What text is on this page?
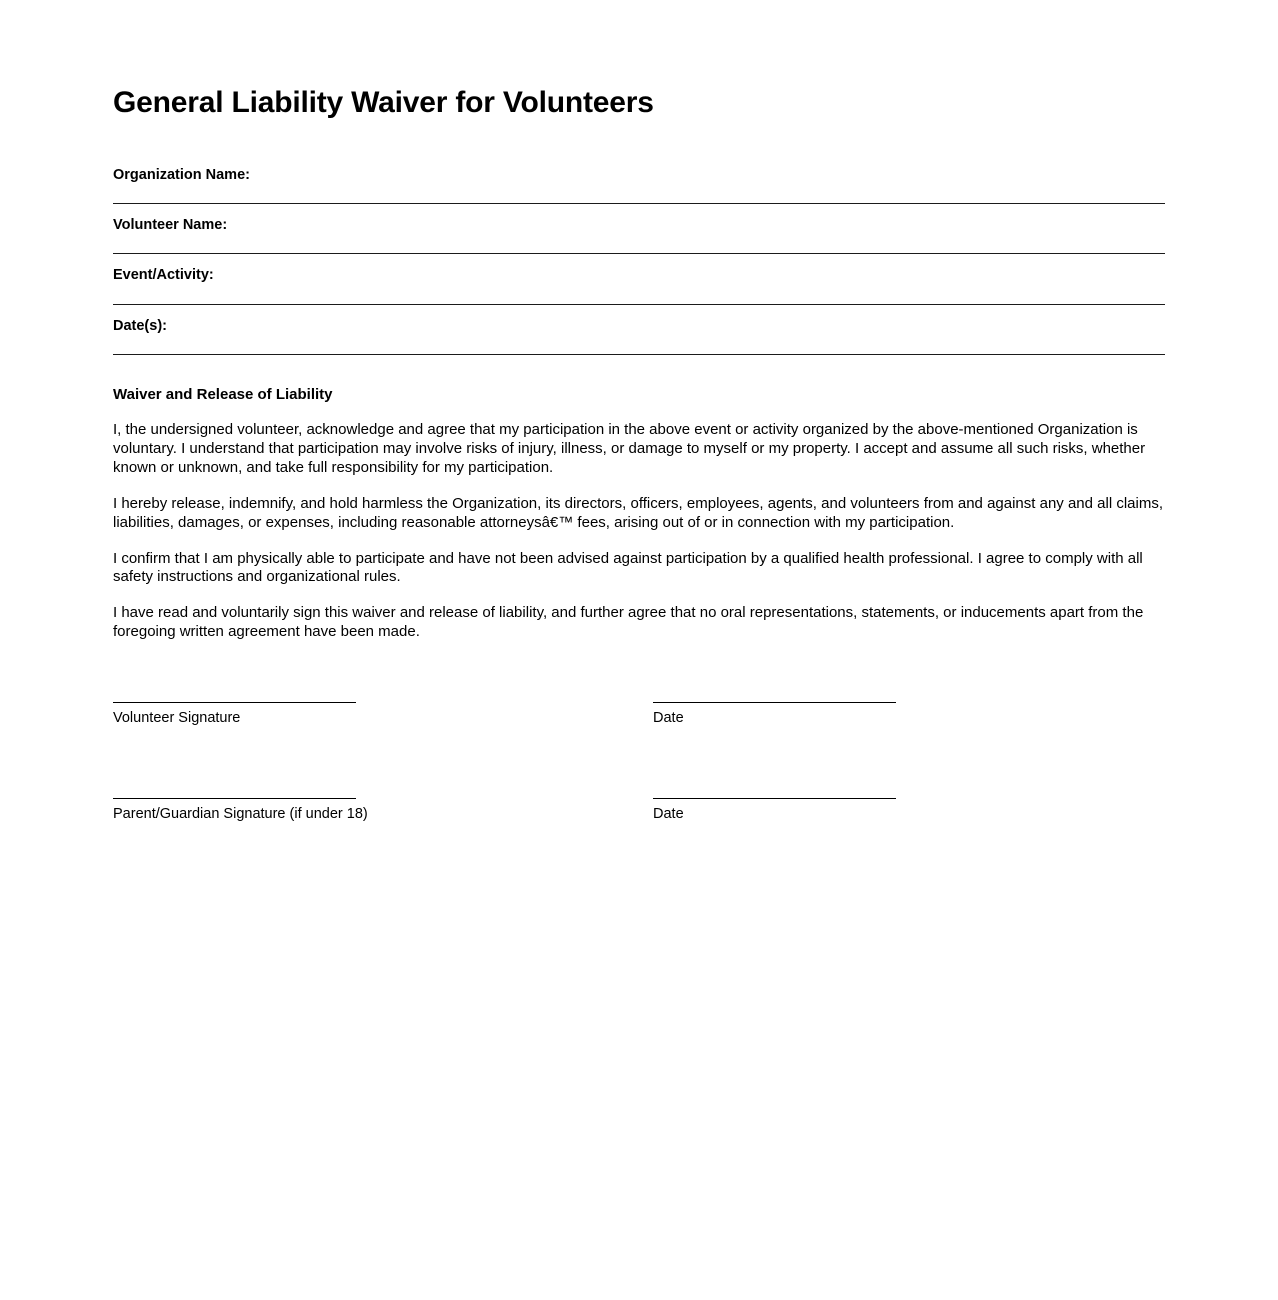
General Liability Waiver for Volunteers
Organization Name:
Volunteer Name:
Event/Activity:
Date(s):
Waiver and Release of Liability

I, the undersigned volunteer, acknowledge and agree that my participation in the above event or activity organized by the above-mentioned Organization is voluntary. I understand that participation may involve risks of injury, illness, or damage to myself or my property. I accept and assume all such risks, whether known or unknown, and take full responsibility for my participation.

I hereby release, indemnify, and hold harmless the Organization, its directors, officers, employees, agents, and volunteers from and against any and all claims, liabilities, damages, or expenses, including reasonable attorneysâ€™ fees, arising out of or in connection with my participation.

I confirm that I am physically able to participate and have not been advised against participation by a qualified health professional. I agree to comply with all safety instructions and organizational rules.

I have read and voluntarily sign this waiver and release of liability, and further agree that no oral representations, statements, or inducements apart from the foregoing written agreement have been made.

Volunteer Signature	Date
Parent/Guardian Signature (if under 18)	Date
